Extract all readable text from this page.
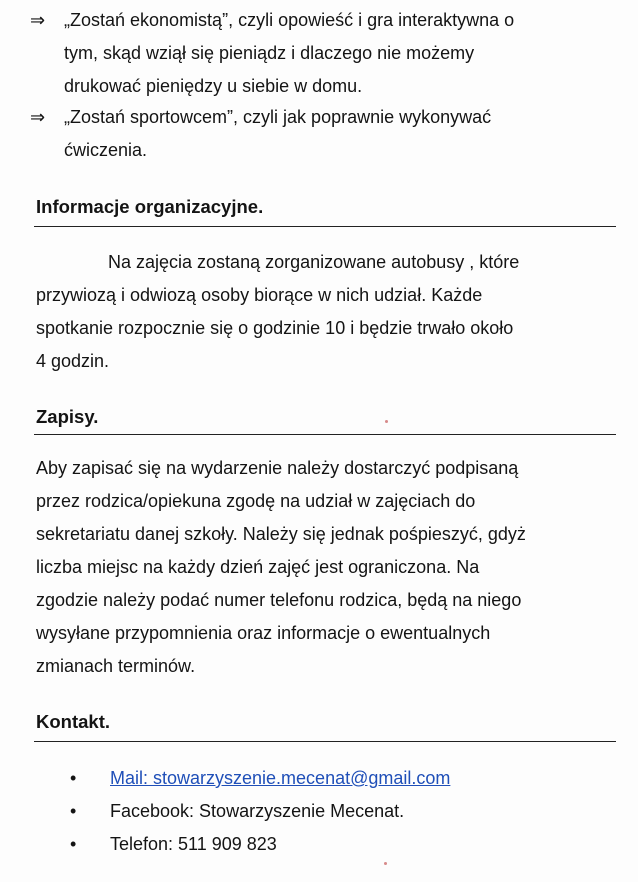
⇒ „Zostań ekonomistą”, czyli opowieść i gra interaktywna o
tym, skąd wziął się pieniądz i dlaczego nie możemy
drukować pieniędzy u siebie w domu.
⇒ „Zostań sportowcem”, czyli jak poprawnie wykonywać
ćwiczenia.
Informacje organizacyjne.
Na zajęcia zostaną zorganizowane autobusy , które
przywiozą i odwiozą osoby biorące w nich udział. Każde
spotkanie rozpocznie się o godzinie 10 i będzie trwało około
4 godzin.
Zapisy.
Aby zapisać się na wydarzenie należy dostarczyć podpisaną
przez rodzica/opiekuna zgodę na udział w zajęciach do
sekretariatu danej szkoły. Należy się jednak pośpieszyć, gdyż
liczba miejsc na każdy dzień zajęć jest ograniczona. Na
zgodzie należy podać numer telefonu rodzica, będą na niego
wysyłane przypomnienia oraz informacje o ewentualnych
zmianach terminów.
Kontakt.
• Mail: stowarzyszenie.mecenat@gmail.com
• Facebook: Stowarzyszenie Mecenat.
• Telefon: 511 909 823
